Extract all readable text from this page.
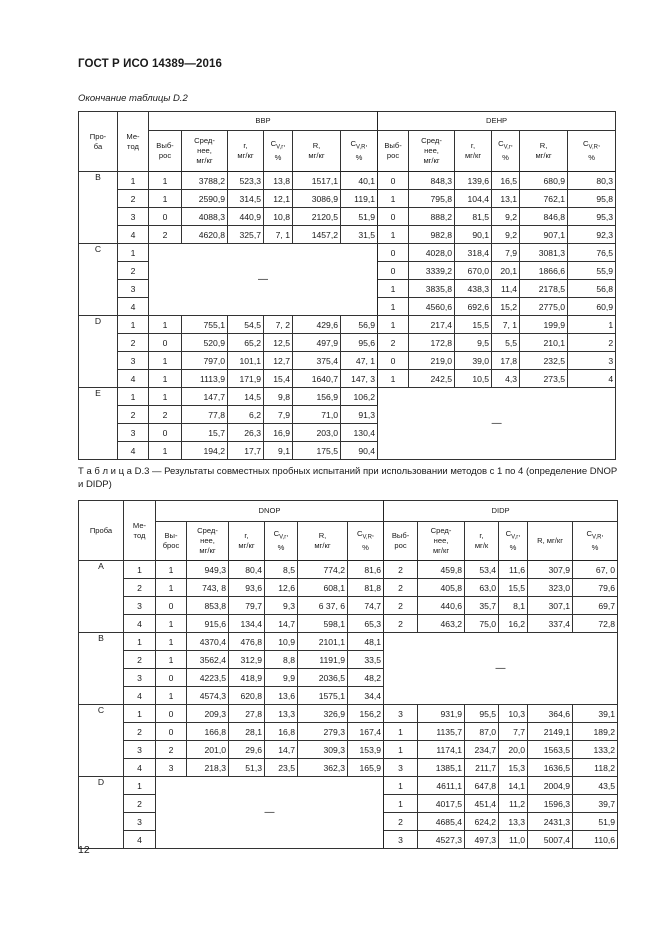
ГОСТ Р ИСО 14389—2016
Окончание таблицы D.2
Про-
ба	Ме-
тод	BBP						DEHP					
		Выб-
рос	Сред-
нее,
мг/кг	r,
мг/кг	$C_{V,r}$,
%	R,
мг/кг	$C_{V,R}$,
%	Выб-
рос	Сред-
нее,
мг/кг	r,
мг/кг	$C_{V,r}$,
%	R,
мг/кг	$C_{V,R}$,
%
B	1	1	3788,2	523,3	13,8	1517,1	40,1	0	848,3	139,6	16,5	680,9	80,3
	2	1	2590,9	314,5	12,1	3086,9	119,1	1	795,8	104,4	13,1	762,1	95,8
	3	0	4088,3	440,9	10,8	2120,5	51,9	0	888,2	81,5	9,2	846,8	95,3
	4	2	4620,8	325,7	7, 1	1457,2	31,5	1	982,8	90,1	9,2	907,1	92,3
C	1	—						0	4028,0	318,4	7,9	3081,3	76,5
	2							0	3339,2	670,0	20,1	1866,6	55,9
	3							1	3835,8	438,3	11,4	2178,5	56,8
	4							1	4560,6	692,6	15,2	2775,0	60,9
D	1	1	755,1	54,5	7, 2	429,6	56,9	1	217,4	15,5	7, 1	199,9	1
	2	0	520,9	65,2	12,5	497,9	95,6	2	172,8	9,5	5,5	210,1	2
	3	1	797,0	101,1	12,7	375,4	47, 1	0	219,0	39,0	17,8	232,5	3
	4	1	1113,9	171,9	15,4	1640,7	147, 3	1	242,5	10,5	4,3	273,5	4
E	1	1	147,7	14,5	9,8	156,9	106,2	—					
	2	2	77,8	6,2	7,9	71,0	91,3						
	3	0	15,7	26,3	16,9	203,0	130,4						
	4	1	194,2	17,7	9,1	175,5	90,4						
Т а б л и ц а D.3 — Результаты совместных пробных испытаний при использовании методов с 1 по 4 (определение DNOP и DIDP)
Проба	Ме-
тод	DNOP						DIDP					
		Вы-
брос	Сред-
нее,
мг/кг	r,
мг/кг	$C_{V,r}$,
%	R,
мг/кг	$C_{V,R}$,
%	Выб-
рос	Сред-
нее,
мг/кг	r,
мг/к	$C_{V,r}$,
%	R, мг/кг	$C_{V,R}$,
%
A	1	1	949,3	80,4	8,5	774,2	81,6	2	459,8	53,4	11,6	307,9	67, 0
	2	1	743, 8	93,6	12,6	608,1	81,8	2	405,8	63,0	15,5	323,0	79,6
	3	0	853,8	79,7	9,3	6 37, 6	74,7	2	440,6	35,7	8,1	307,1	69,7
	4	1	915,6	134,4	14,7	598,1	65,3	2	463,2	75,0	16,2	337,4	72,8
B	1	1	4370,4	476,8	10,9	2101,1	48,1	—					
	2	1	3562,4	312,9	8,8	1191,9	33,5						
	3	0	4223,5	418,9	9,9	2036,5	48,2						
	4	1	4574,3	620,8	13,6	1575,1	34,4						
C	1	0	209,3	27,8	13,3	326,9	156,2	3	931,9	95,5	10,3	364,6	39,1
	2	0	166,8	28,1	16,8	279,3	167,4	1	1135,7	87,0	7,7	2149,1	189,2
	3	2	201,0	29,6	14,7	309,3	153,9	1	1174,1	234,7	20,0	1563,5	133,2
	4	3	218,3	51,3	23,5	362,3	165,9	3	1385,1	211,7	15,3	1636,5	118,2
D	1	—						1	4611,1	647,8	14,1	2004,9	43,5
	2							1	4017,5	451,4	11,2	1596,3	39,7
	3							2	4685,4	624,2	13,3	2431,3	51,9
	4							3	4527,3	497,3	11,0	5007,4	110,6
12
